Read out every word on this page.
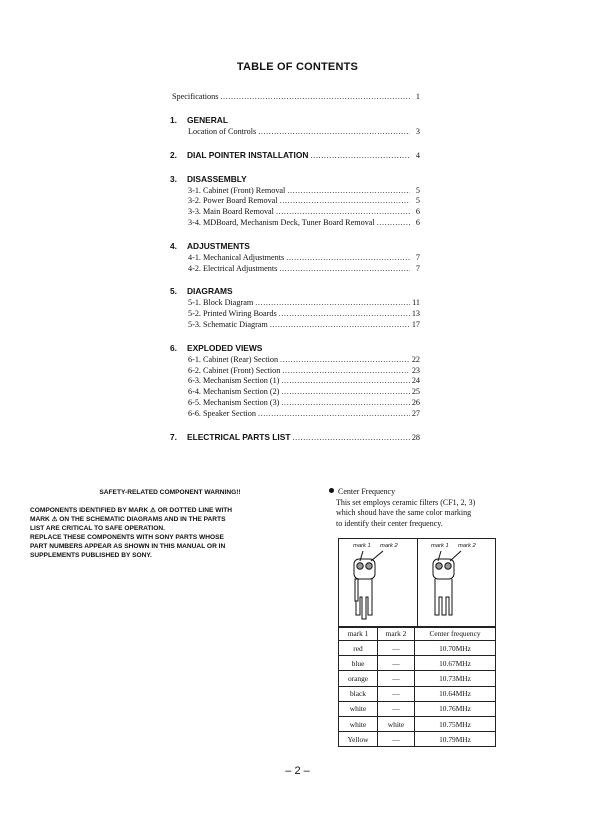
TABLE OF CONTENTS
Specifications .....	1
1.	GENERAL
Location of Controls .....	3
2.	DIAL POINTER INSTALLATION .....	4
3.	DISASSEMBLY
3-1. Cabinet (Front) Removal .....	5
3-2. Power Board Removal .....	5
3-3. Main Board Removal .....	6
3-4. MDBoard, Mechanism Deck, Tuner Board Removal .....	6
4.	ADJUSTMENTS
4-1. Mechanical Adjustments .....	7
4-2. Electrical Adjustments .....	7
5.	DIAGRAMS
5-1. Block Diagram .....	11
5-2. Printed Wiring Boards .....	13
5-3. Schematic Diagram .....	17
6.	EXPLODED VIEWS
6-1. Cabinet (Rear) Section .....	22
6-2. Cabinet (Front) Section .....	23
6-3. Mechanism Section (1) .....	24
6-4. Mechanism Section (2) .....	25
6-5. Mechanism Section (3) .....	26
6-6. Speaker Section .....	27
7.	ELECTRICAL PARTS LIST .....	28
SAFETY-RELATED COMPONENT WARNING!!

COMPONENTS IDENTIFIED BY MARK ⚠ OR DOTTED LINE WITH

MARK ⚠ ON THE SCHEMATIC DIAGRAMS AND IN THE PARTS

LIST ARE CRITICAL TO SAFE OPERATION.

REPLACE THESE COMPONENTS WITH SONY PARTS WHOSE

PART NUMBERS APPEAR AS SHOWN IN THIS MANUAL OR IN

SUPPLEMENTS PUBLISHED BY SONY.

Center Frequency
This set employs ceramic filters (CF1, 2, 3)
which shoud have the same color marking
to identify their center frequency.
mark 1 mark 2	mark 1 mark 2
mark 1	mark 2	Center frequency
red	—	10.70MHz
blue	—	10.67MHz
orange	—	10.73MHz
black	—	10.64MHz
white	—	10.76MHz
white	white	10.75MHz
Yellow	—	10.79MHz
– 2 –
